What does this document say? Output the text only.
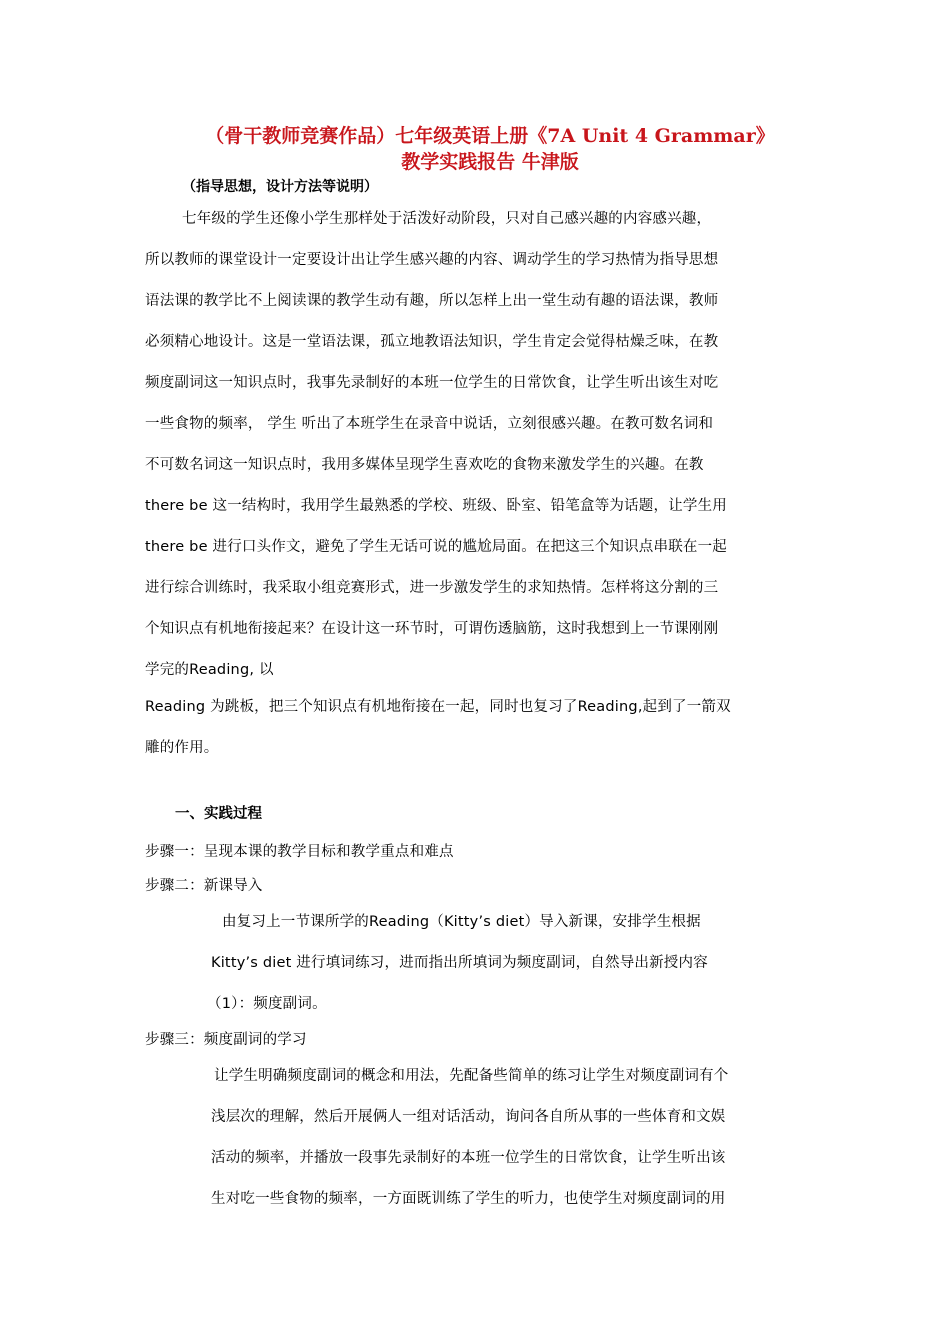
（骨干教师竞赛作品）七年级英语上册《7A Unit 4 Grammar》
教学实践报告 牛津版
（指导思想，设计方法等说明）
七年级的学生还像小学生那样处于活泼好动阶段，只对自己感兴趣的内容感兴趣，
所以教师的课堂设计一定要设计出让学生感兴趣的内容、调动学生的学习热情为指导思想
语法课的教学比不上阅读课的教学生动有趣，所以怎样上出一堂生动有趣的语法课，教师
必须精心地设计。这是一堂语法课，孤立地教语法知识，学生肯定会觉得枯燥乏味，在教
频度副词这一知识点时，我事先录制好的本班一位学生的日常饮食，让学生听出该生对吃
一些食物的频率， 学生 听出了本班学生在录音中说话，立刻很感兴趣。在教可数名词和
不可数名词这一知识点时，我用多媒体呈现学生喜欢吃的食物来激发学生的兴趣。在教
there be 这一结构时，我用学生最熟悉的学校、班级、卧室、铅笔盒等为话题，让学生用
there be 进行口头作文，避免了学生无话可说的尴尬局面。在把这三个知识点串联在一起
进行综合训练时，我采取小组竞赛形式，进一步激发学生的求知热情。怎样将这分割的三
个知识点有机地衔接起来？在设计这一环节时，可谓伤透脑筋，这时我想到上一节课刚刚
学完的Reading, 以
Reading 为跳板，把三个知识点有机地衔接在一起，同时也复习了Reading,起到了一箭双
雕的作用。
一、实践过程
步骤一：呈现本课的教学目标和教学重点和难点
步骤二：新课导入
由复习上一节课所学的Reading（Kitty’s diet）导入新课，安排学生根据
Kitty’s diet 进行填词练习，进而指出所填词为频度副词，自然导出新授内容
（1）：频度副词。
步骤三：频度副词的学习
让学生明确频度副词的概念和用法，先配备些简单的练习让学生对频度副词有个
浅层次的理解，然后开展俩人一组对话活动，询问各自所从事的一些体育和文娱
活动的频率，并播放一段事先录制好的本班一位学生的日常饮食，让学生听出该
生对吃一些食物的频率，一方面既训练了学生的听力，也使学生对频度副词的用
